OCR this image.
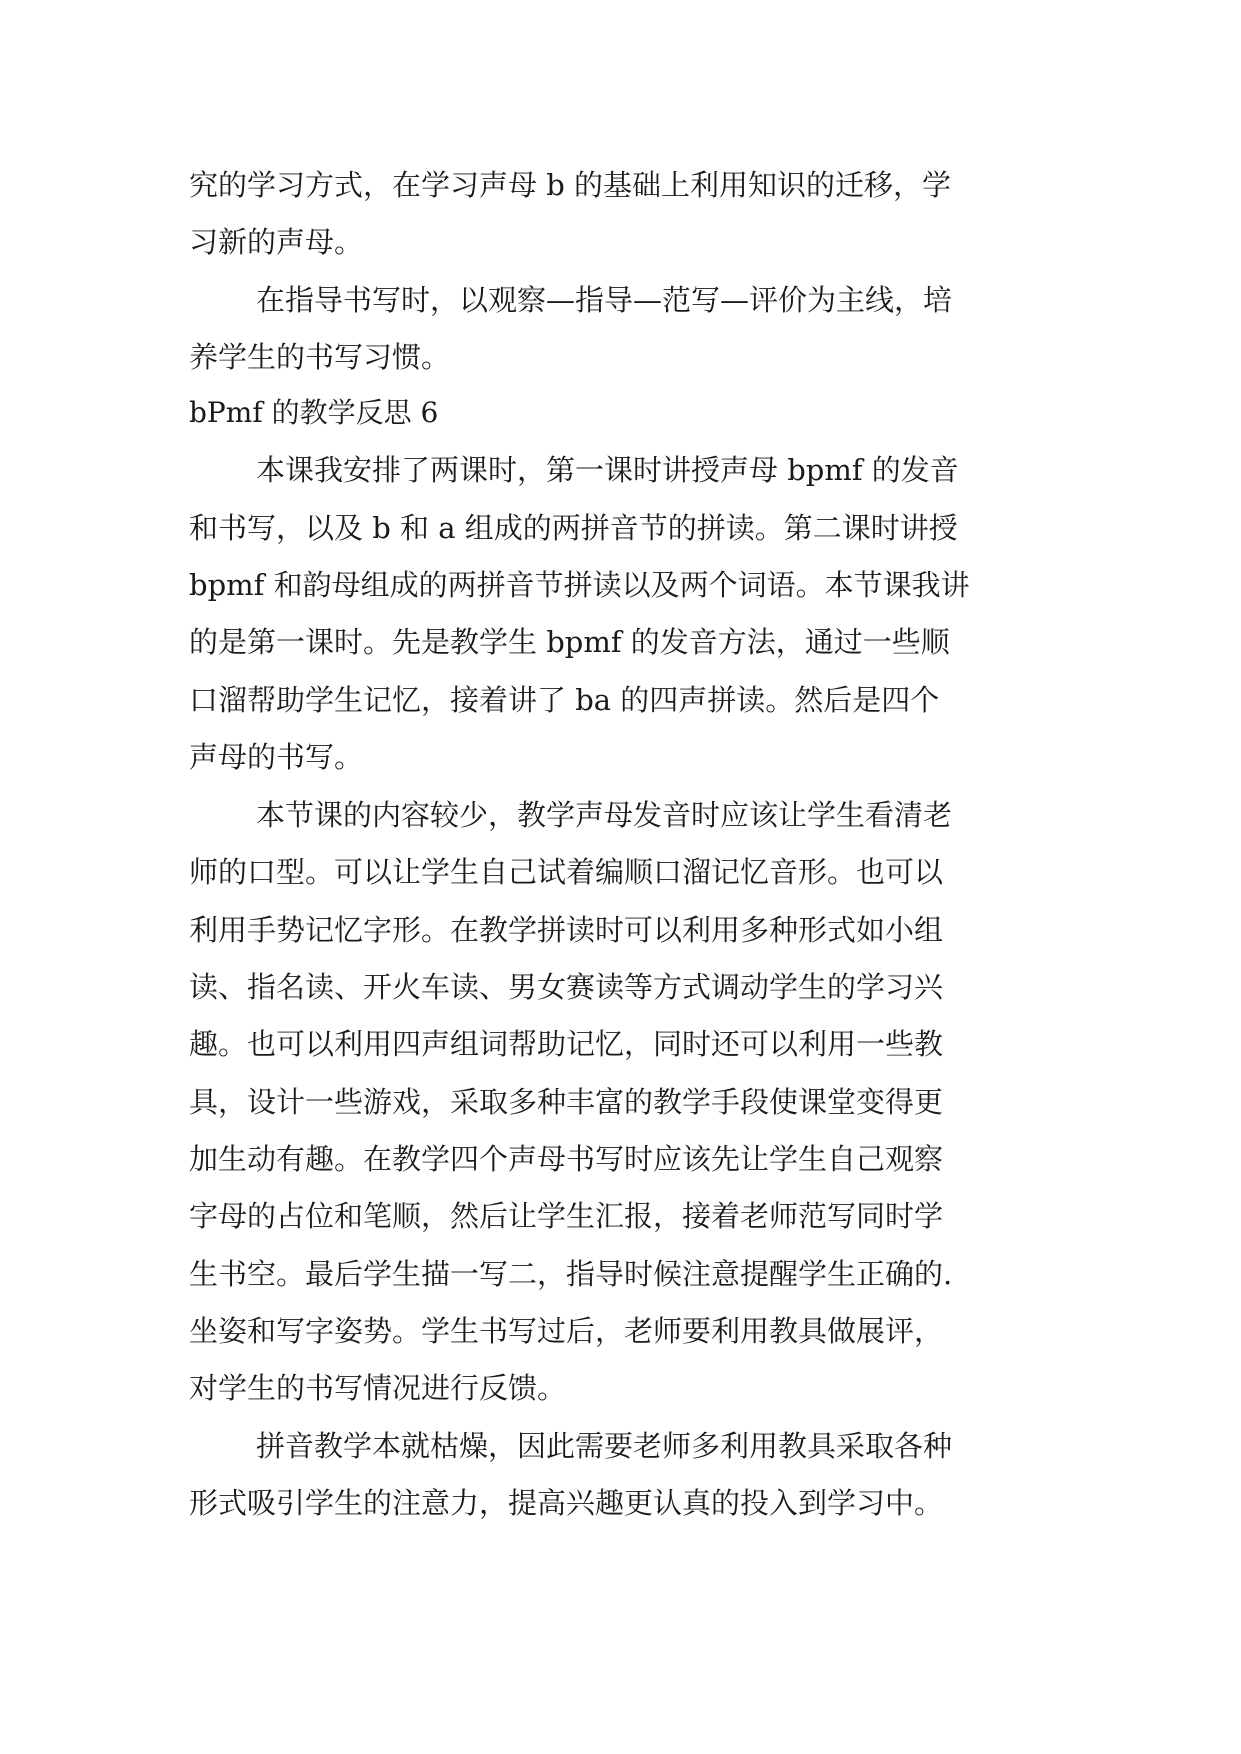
究的学习方式，在学习声母 b 的基础上利用知识的迁移，学
习新的声母。
在指导书写时，以观察—指导—范写—评价为主线，培
养学生的书写习惯。
bPmf 的教学反思 6
本课我安排了两课时，第一课时讲授声母 bpmf 的发音
和书写，以及 b 和 a 组成的两拼音节的拼读。第二课时讲授
bpmf 和韵母组成的两拼音节拼读以及两个词语。本节课我讲
的是第一课时。先是教学生 bpmf 的发音方法，通过一些顺
口溜帮助学生记忆，接着讲了 ba 的四声拼读。然后是四个
声母的书写。
本节课的内容较少，教学声母发音时应该让学生看清老
师的口型。可以让学生自己试着编顺口溜记忆音形。也可以
利用手势记忆字形。在教学拼读时可以利用多种形式如小组
读、指名读、开火车读、男女赛读等方式调动学生的学习兴
趣。也可以利用四声组词帮助记忆，同时还可以利用一些教
具，设计一些游戏，采取多种丰富的教学手段使课堂变得更
加生动有趣。在教学四个声母书写时应该先让学生自己观察
字母的占位和笔顺，然后让学生汇报，接着老师范写同时学
生书空。最后学生描一写二，指导时候注意提醒学生正确的.
坐姿和写字姿势。学生书写过后，老师要利用教具做展评，
对学生的书写情况进行反馈。
拼音教学本就枯燥，因此需要老师多利用教具采取各种
形式吸引学生的注意力，提高兴趣更认真的投入到学习中。
